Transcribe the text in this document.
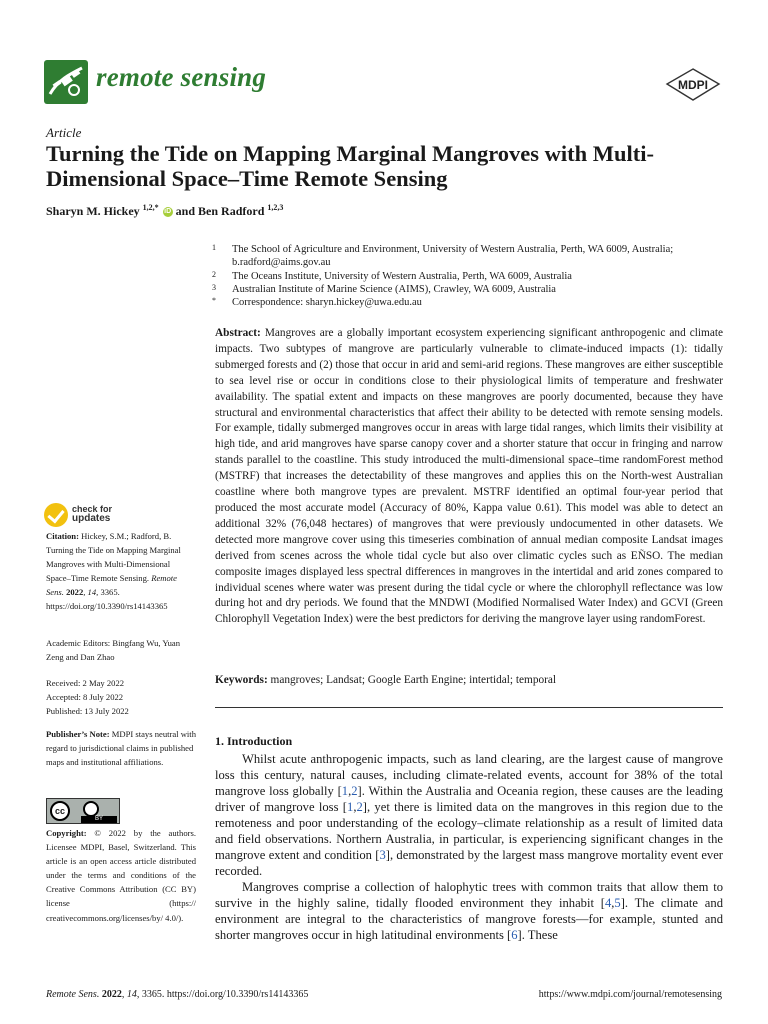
remote sensing	MDPI
Article
Turning the Tide on Mapping Marginal Mangroves with Multi-Dimensional Space–Time Remote Sensing
Sharyn M. Hickey $^{1,2,*}$ iD and Ben Radford $^{1,2,3}$
1 The School of Agriculture and Environment, University of Western Australia, Perth, WA 6009, Australia; b.radford@aims.gov.au
2 The Oceans Institute, University of Western Australia, Perth, WA 6009, Australia
3 Australian Institute of Marine Science (AIMS), Crawley, WA 6009, Australia
* Correspondence: sharyn.hickey@uwa.edu.au
Abstract: Mangroves are a globally important ecosystem experiencing significant anthropogenic and climate impacts. Two subtypes of mangrove are particularly vulnerable to climate-induced impacts (1): tidally submerged forests and (2) those that occur in arid and semi-arid regions. These mangroves are either susceptible to sea level rise or occur in conditions close to their physiological limits of temperature and freshwater availability. The spatial extent and impacts on these mangroves are poorly documented, because they have structural and environmental characteristics that affect their ability to be detected with remote sensing models. For example, tidally submerged mangroves occur in areas with large tidal ranges, which limits their visibility at high tide, and arid mangroves have sparse canopy cover and a shorter stature that occur in fringing and narrow stands parallel to the coastline. This study introduced the multi-dimensional space–time randomForest method (MSTRF) that increases the detectability of these mangroves and applies this on the North-west Australian coastline where both mangrove types are prevalent. MSTRF identified an optimal four-year period that produced the most accurate model (Accuracy of 80%, Kappa value 0.61). This model was able to detect an additional 32% (76,048 hectares) of mangroves that were previously undocumented in other datasets. We detected more mangrove cover using this timeseries combination of annual median composite Landsat images derived from scenes across the whole tidal cycle but also over climatic cycles such as EÑSO. The median composite images displayed less spectral differences in mangroves in the intertidal and arid zones compared to individual scenes where water was present during the tidal cycle or where the chlorophyll reflectance was low during hot and dry periods. We found that the MNDWI (Modified Normalised Water Index) and GCVI (Green Chlorophyll Vegetation Index) were the best predictors for deriving the mangrove layer using randomForest.
Keywords: mangroves; Landsat; Google Earth Engine; intertidal; temporal
1. Introduction

Whilst acute anthropogenic impacts, such as land clearing, are the largest cause of mangrove loss this century, natural causes, including climate-related events, account for 38% of the total mangrove loss globally [1,2]. Within the Australia and Oceania region, these causes are the leading driver of mangrove loss [1,2], yet there is limited data on the mangroves in this region due to the remoteness and poor understanding of the ecology–climate relationship as a result of limited data and field observations. Northern Australia, in particular, is experiencing significant changes in the mangrove extent and condition [3], demonstrated by the largest mass mangrove mortality event ever recorded.

Mangroves comprise a collection of halophytic trees with common traits that allow them to survive in the highly saline, tidally flooded environment they inhabit [4,5]. The climate and environment are integral to the characteristics of mangrove forests—for example, stunted and shorter mangroves occur in high latitudinal environments [6]. These

check for
updates
Citation: Hickey, S.M.; Radford, B. Turning the Tide on Mapping Marginal Mangroves with Multi-Dimensional Space–Time Remote Sensing. Remote Sens. 2022, 14, 3365. https://doi.org/10.3390/rs14143365
Academic Editors: Bingfang Wu, Yuan Zeng and Dan Zhao
Received: 2 May 2022
Accepted: 8 July 2022
Published: 13 July 2022
Publisher’s Note: MDPI stays neutral with regard to jurisdictional claims in published maps and institutional affiliations.
cc
BY
Copyright: © 2022 by the authors. Licensee MDPI, Basel, Switzerland. This article is an open access article distributed under the terms and conditions of the Creative Commons Attribution (CC BY) license (https:// creativecommons.org/licenses/by/ 4.0/).
Remote Sens. 2022, 14, 3365. https://doi.org/10.3390/rs14143365	https://www.mdpi.com/journal/remotesensing
